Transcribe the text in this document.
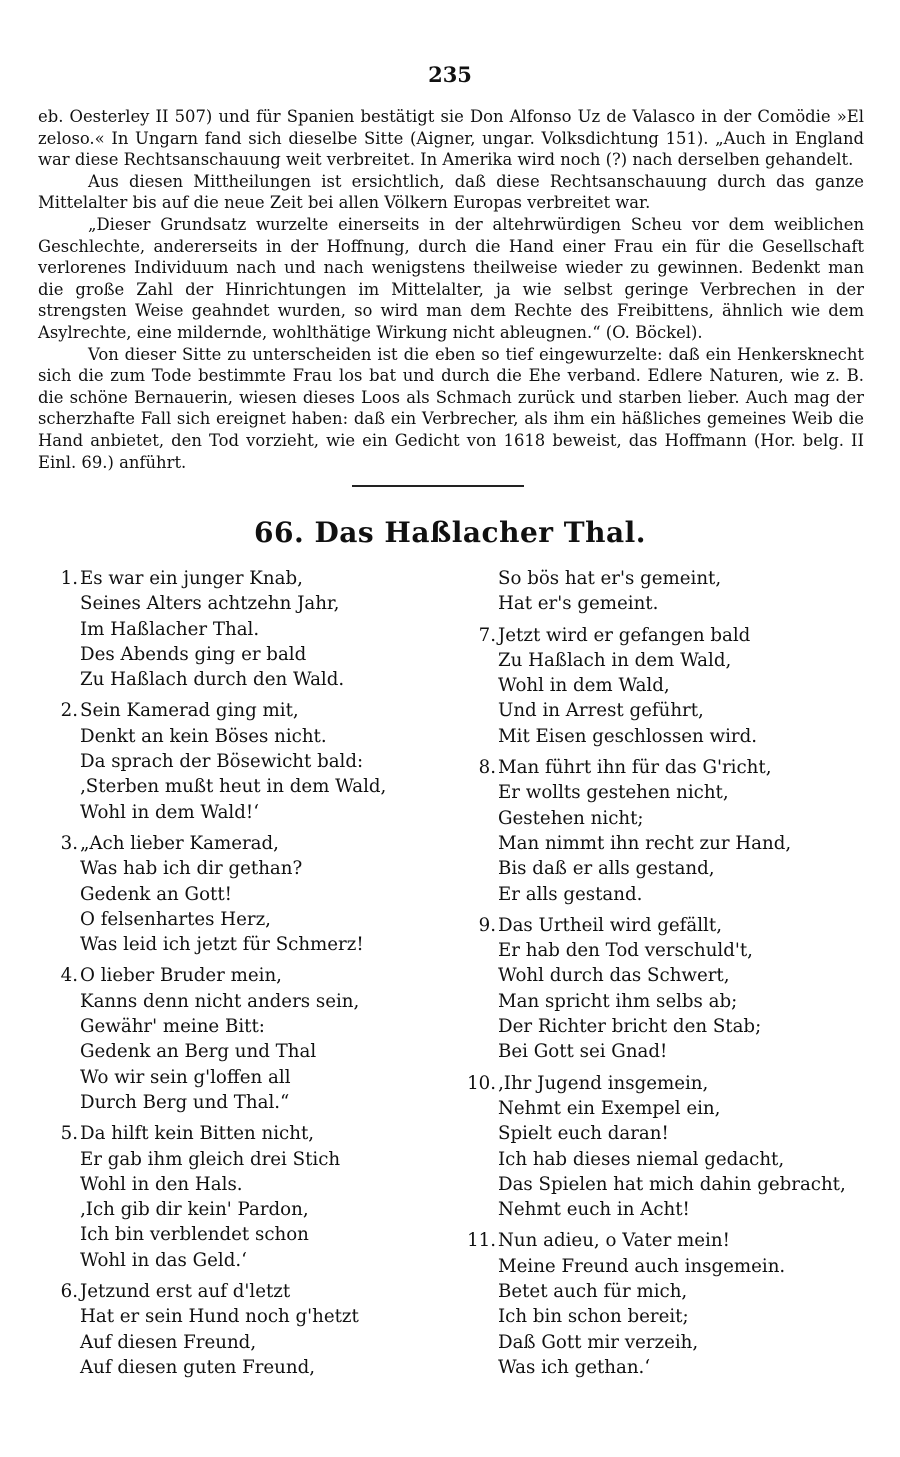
235

eb. Oesterley II 507) und für Spanien bestätigt sie Don Alfonso Uz de Valasco in der Comödie »El zeloso.« In Ungarn fand sich dieselbe Sitte (Aigner, ungar. Volksdichtung 151). „Auch in England war diese Rechtsanschauung weit verbreitet. In Amerika wird noch (?) nach derselben gehandelt.

Aus diesen Mittheilungen ist ersichtlich, daß diese Rechtsanschauung durch das ganze Mittelalter bis auf die neue Zeit bei allen Völkern Europas verbreitet war.

„Dieser Grundsatz wurzelte einerseits in der altehrwürdigen Scheu vor dem weiblichen Geschlechte, andererseits in der Hoffnung, durch die Hand einer Frau ein für die Gesellschaft verlorenes Individuum nach und nach wenigstens theilweise wieder zu gewinnen. Bedenkt man die große Zahl der Hinrichtungen im Mittelalter, ja wie selbst geringe Verbrechen in der strengsten Weise geahndet wurden, so wird man dem Rechte des Freibittens, ähnlich wie dem Asylrechte, eine mildernde, wohlthätige Wirkung nicht ableugnen.“ (O. Böckel).

Von dieser Sitte zu unterscheiden ist die eben so tief eingewurzelte: daß ein Henkersknecht sich die zum Tode bestimmte Frau los bat und durch die Ehe verband. Edlere Naturen, wie z. B. die schöne Bernauerin, wiesen dieses Loos als Schmach zurück und starben lieber. Auch mag der scherzhafte Fall sich ereignet haben: daß ein Verbrecher, als ihm ein häßliches gemeines Weib die Hand anbietet, den Tod vorzieht, wie ein Gedicht von 1618 beweist, das Hoffmann (Hor. belg. II Einl. 69.) anführt.

66. Das Haßlacher Thal.
1. Es war ein junger Knab,
Seines Alters achtzehn Jahr,
Im Haßlacher Thal.
Des Abends ging er bald
Zu Haßlach durch den Wald.
2. Sein Kamerad ging mit,
Denkt an kein Böses nicht.
Da sprach der Bösewicht bald:
‚Sterben mußt heut in dem Wald,
Wohl in dem Wald!‘
3. „Ach lieber Kamerad,
Was hab ich dir gethan?
Gedenk an Gott!
O felsenhartes Herz,
Was leid ich jetzt für Schmerz!
4. O lieber Bruder mein,
Kanns denn nicht anders sein,
Gewähr' meine Bitt:
Gedenk an Berg und Thal
Wo wir sein g'loffen all
Durch Berg und Thal.“
5. Da hilft kein Bitten nicht,
Er gab ihm gleich drei Stich
Wohl in den Hals.
‚Ich gib dir kein' Pardon,
Ich bin verblendet schon
Wohl in das Geld.‘
6. Jetzund erst auf d'letzt
Hat er sein Hund noch g'hetzt
Auf diesen Freund,
Auf diesen guten Freund,
So bös hat er's gemeint,
Hat er's gemeint.
7. Jetzt wird er gefangen bald
Zu Haßlach in dem Wald,
Wohl in dem Wald,
Und in Arrest geführt,
Mit Eisen geschlossen wird.
8. Man führt ihn für das G'richt,
Er wollts gestehen nicht,
Gestehen nicht;
Man nimmt ihn recht zur Hand,
Bis daß er alls gestand,
Er alls gestand.
9. Das Urtheil wird gefällt,
Er hab den Tod verschuld't,
Wohl durch das Schwert,
Man spricht ihm selbs ab;
Der Richter bricht den Stab;
Bei Gott sei Gnad!
10. ‚Ihr Jugend insgemein,
Nehmt ein Exempel ein,
Spielt euch daran!
Ich hab dieses niemal gedacht,
Das Spielen hat mich dahin gebracht,
Nehmt euch in Acht!
11. Nun adieu, o Vater mein!
Meine Freund auch insgemein.
Betet auch für mich,
Ich bin schon bereit;
Daß Gott mir verzeih,
Was ich gethan.‘
